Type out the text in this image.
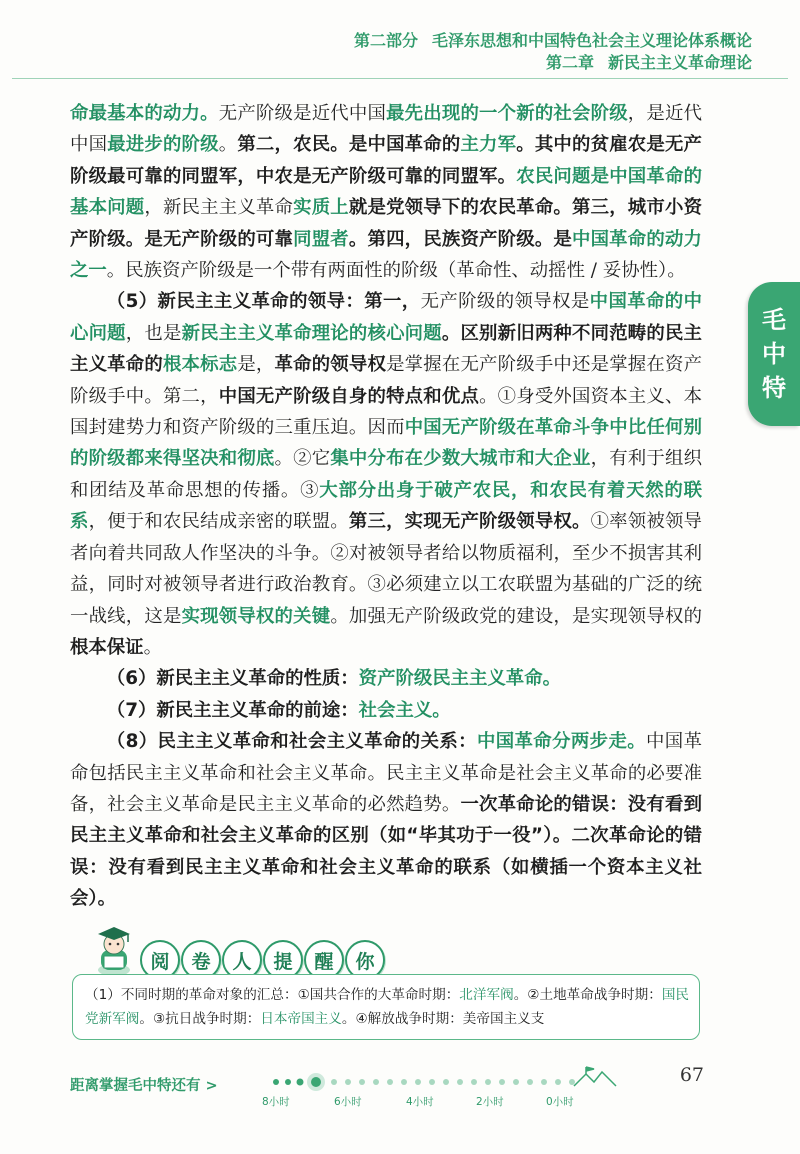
第二部分 毛泽东思想和中国特色社会主义理论体系概论
第二章 新民主主义革命理论
毛
中
特

命最基本的动力。无产阶级是近代中国最先出现的一个新的社会阶级，是近代中国最进步的阶级。第二，农民。是中国革命的主力军。其中的贫雇农是无产阶级最可靠的同盟军，中农是无产阶级可靠的同盟军。农民问题是中国革命的基本问题，新民主主义革命实质上就是党领导下的农民革命。第三，城市小资产阶级。是无产阶级的可靠同盟者。第四，民族资产阶级。是中国革命的动力之一。民族资产阶级是一个带有两面性的阶级（革命性、动摇性 / 妥协性）。

（5）新民主主义革命的领导：第一，无产阶级的领导权是中国革命的中心问题，也是新民主主义革命理论的核心问题。区别新旧两种不同范畴的民主主义革命的根本标志是，革命的领导权是掌握在无产阶级手中还是掌握在资产阶级手中。第二，中国无产阶级自身的特点和优点。①身受外国资本主义、本国封建势力和资产阶级的三重压迫。因而中国无产阶级在革命斗争中比任何别的阶级都来得坚决和彻底。②它集中分布在少数大城市和大企业，有利于组织和团结及革命思想的传播。③大部分出身于破产农民，和农民有着天然的联系，便于和农民结成亲密的联盟。第三，实现无产阶级领导权。①率领被领导者向着共同敌人作坚决的斗争。②对被领导者给以物质福利，至少不损害其利益，同时对被领导者进行政治教育。③必须建立以工农联盟为基础的广泛的统一战线，这是实现领导权的关键。加强无产阶级政党的建设，是实现领导权的根本保证。

（6）新民主主义革命的性质：资产阶级民主主义革命。

（7）新民主主义革命的前途：社会主义。

（8）民主主义革命和社会主义革命的关系：中国革命分两步走。中国革命包括民主主义革命和社会主义革命。民主主义革命是社会主义革命的必要准备，社会主义革命是民主主义革命的必然趋势。一次革命论的错误：没有看到民主主义革命和社会主义革命的区别（如“毕其功于一役”）。二次革命论的错误：没有看到民主主义革命和社会主义革命的联系（如横插一个资本主义社会）。

阅	卷	人	提	醒	你
（1）不同时期的革命对象的汇总：①国共合作的大革命时期：北洋军阀。②土地革命战争时期：国民党新军阀。③抗日战争时期：日本帝国主义。④解放战争时期：美帝国主义支
距离掌握毛中特还有 >
8小时	6小时	4小时	2小时	0小时
67
